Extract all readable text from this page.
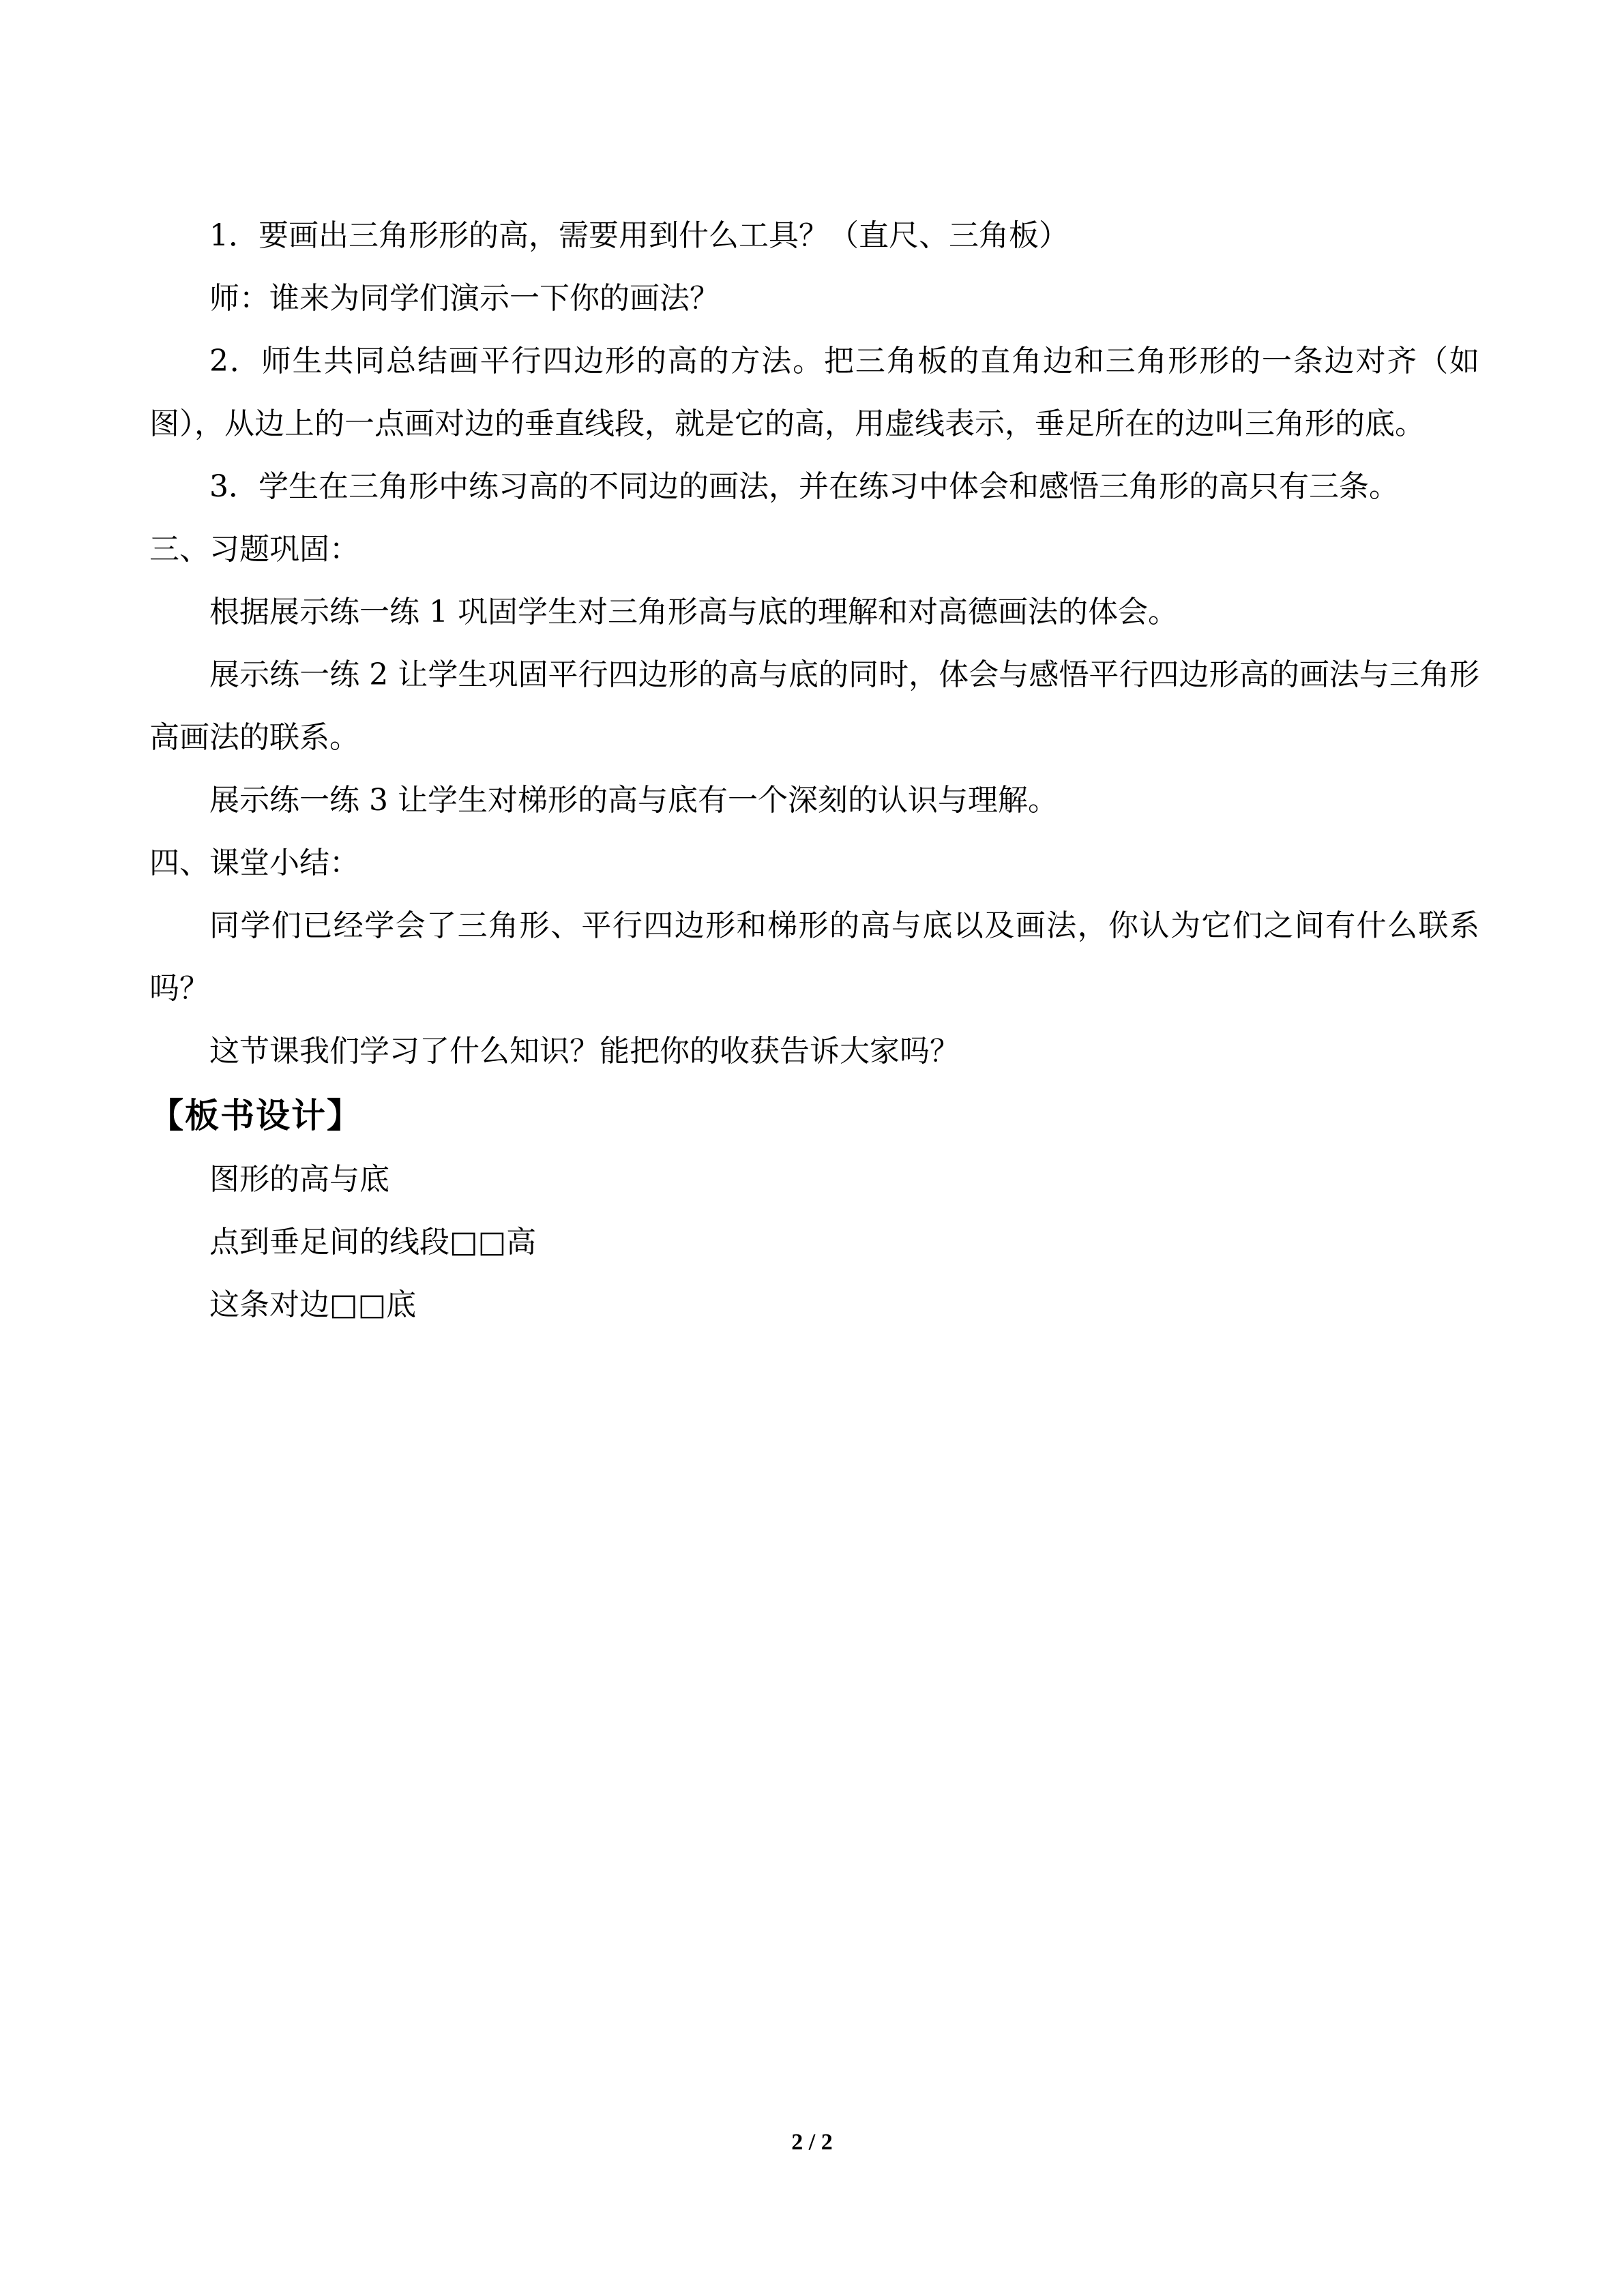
1．要画出三角形形的高，需要用到什么工具？（直尺、三角板）

师：谁来为同学们演示一下你的画法？

2．师生共同总结画平行四边形的高的方法。把三角板的直角边和三角形形的一条边对齐（如图），从边上的一点画对边的垂直线段，就是它的高，用虚线表示，垂足所在的边叫三角形的底。

3．学生在三角形中练习高的不同边的画法，并在练习中体会和感悟三角形的高只有三条。

三、习题巩固：

根据展示练一练 1 巩固学生对三角形高与底的理解和对高德画法的体会。

展示练一练 2 让学生巩固平行四边形的高与底的同时，体会与感悟平行四边形高的画法与三角形高画法的联系。

展示练一练 3 让学生对梯形的高与底有一个深刻的认识与理解。

四、课堂小结：

同学们已经学会了三角形、平行四边形和梯形的高与底以及画法，你认为它们之间有什么联系吗？

这节课我们学习了什么知识？能把你的收获告诉大家吗？

【板书设计】

图形的高与底

点到垂足间的线段□□高

这条对边□□底

2 / 2
